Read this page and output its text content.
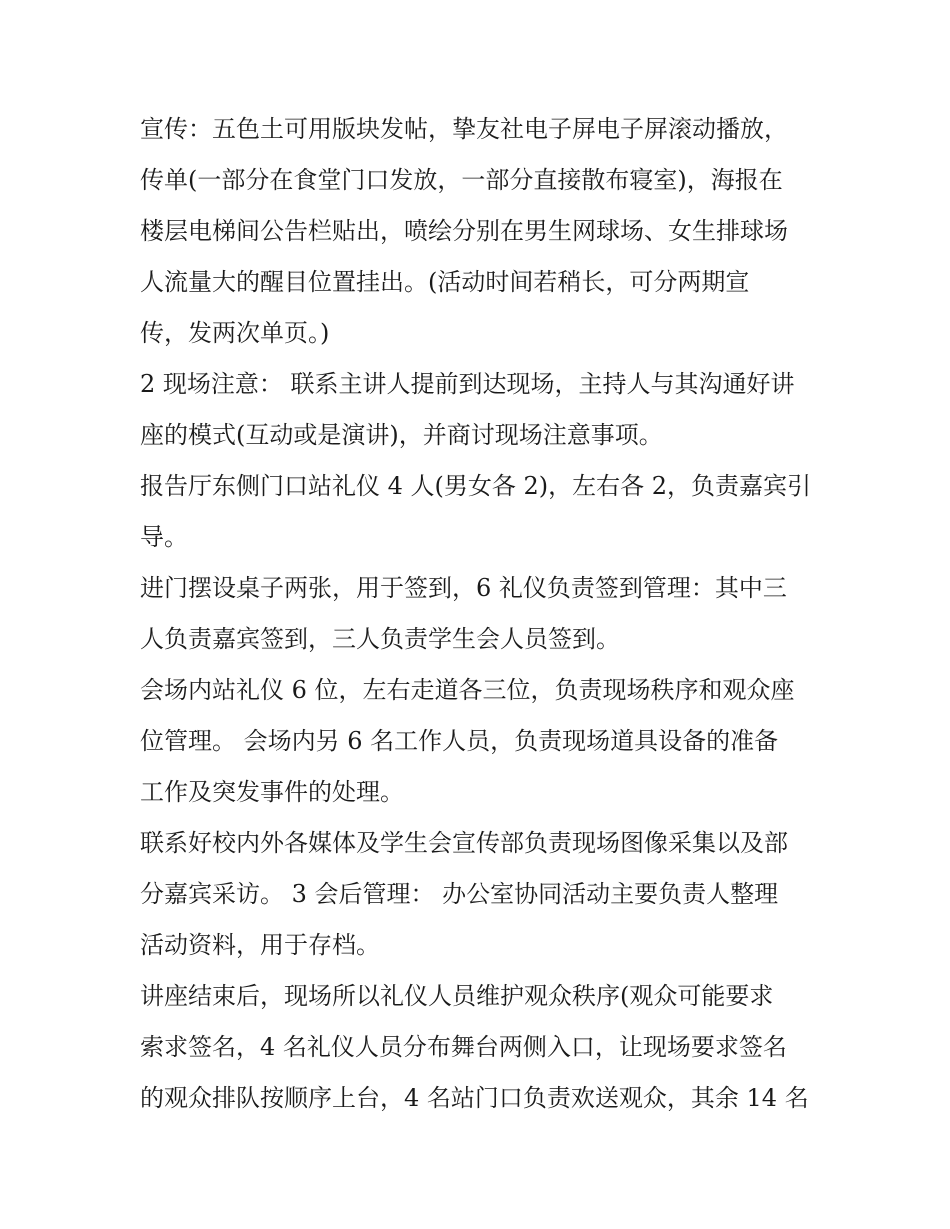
宣传：五色土可用版块发帖，挚友社电子屏电子屏滚动播放，
传单(一部分在食堂门口发放，一部分直接散布寝室)，海报在
楼层电梯间公告栏贴出，喷绘分别在男生网球场、女生排球场
人流量大的醒目位置挂出。(活动时间若稍长，可分两期宣
传，发两次单页。)
2 现场注意： 联系主讲人提前到达现场，主持人与其沟通好讲
座的模式(互动或是演讲)，并商讨现场注意事项。
报告厅东侧门口站礼仪 4 人(男女各 2)，左右各 2，负责嘉宾引
导。
进门摆设桌子两张，用于签到，6 礼仪负责签到管理：其中三
人负责嘉宾签到，三人负责学生会人员签到。
会场内站礼仪 6 位，左右走道各三位，负责现场秩序和观众座
位管理。 会场内另 6 名工作人员，负责现场道具设备的准备
工作及突发事件的处理。
联系好校内外各媒体及学生会宣传部负责现场图像采集以及部
分嘉宾采访。 3 会后管理： 办公室协同活动主要负责人整理
活动资料，用于存档。
讲座结束后，现场所以礼仪人员维护观众秩序(观众可能要求
索求签名，4 名礼仪人员分布舞台两侧入口，让现场要求签名
的观众排队按顺序上台，4 名站门口负责欢送观众，其余 14 名
